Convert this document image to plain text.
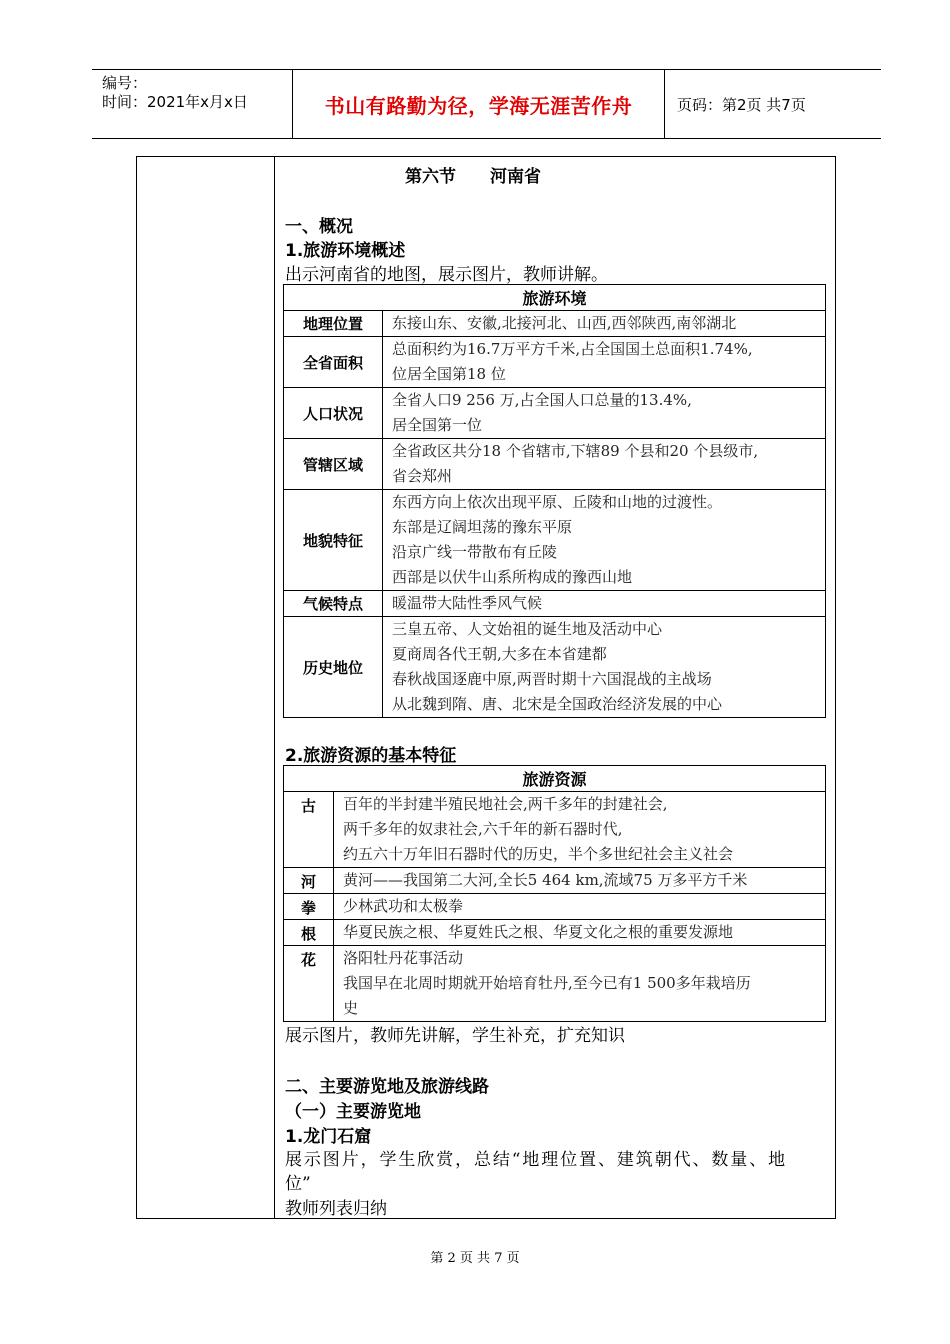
编号：
时间：2021年x月x日	书山有路勤为径，学海无涯苦作舟	页码：第2页 共7页
第六节　　河南省
一、概况
1.旅游环境概述
出示河南省的地图，展示图片，教师讲解。
旅游环境	
地理位置	东接山东、安徽,北接河北、山西,西邻陕西,南邻湖北

全省面积	总面积约为16.7万平方千米,占全国国土总面积1.74%,
位居全国第18 位

人口状况	全省人口9 256 万,占全国人口总量的13.4%,
居全国第一位

管辖区域	全省政区共分18 个省辖市,下辖89 个县和20 个县级市,
省会郑州

地貌特征	东西方向上依次出现平原、丘陵和山地的过渡性。
东部是辽阔坦荡的豫东平原
沿京广线一带散布有丘陵
西部是以伏牛山系所构成的豫西山地

气候特点	暖温带大陆性季风气候

历史地位	三皇五帝、人文始祖的诞生地及活动中心
夏商周各代王朝,大多在本省建都
春秋战国逐鹿中原,两晋时期十六国混战的主战场
从北魏到隋、唐、北宋是全国政治经济发展的中心
2.旅游资源的基本特征
旅游资源	
古	百年的半封建半殖民地社会,两千多年的封建社会,
两千多年的奴隶社会,六千年的新石器时代,
约五六十万年旧石器时代的历史，半个多世纪社会主义社会

河	黄河——我国第二大河,全长5 464 km,流域75 万多平方千米

拳	少林武功和太极拳

根	华夏民族之根、华夏姓氏之根、华夏文化之根的重要发源地

花	洛阳牡丹花事活动
我国早在北周时期就开始培育牡丹,至今已有1 500多年栽培历
史
展示图片，教师先讲解，学生补充，扩充知识
二、主要游览地及旅游线路
（一）主要游览地
1.龙门石窟
展示图片，学生欣赏，总结“地理位置、建筑朝代、数量、地
位”
教师列表归纳
第 2 页 共 7 页
